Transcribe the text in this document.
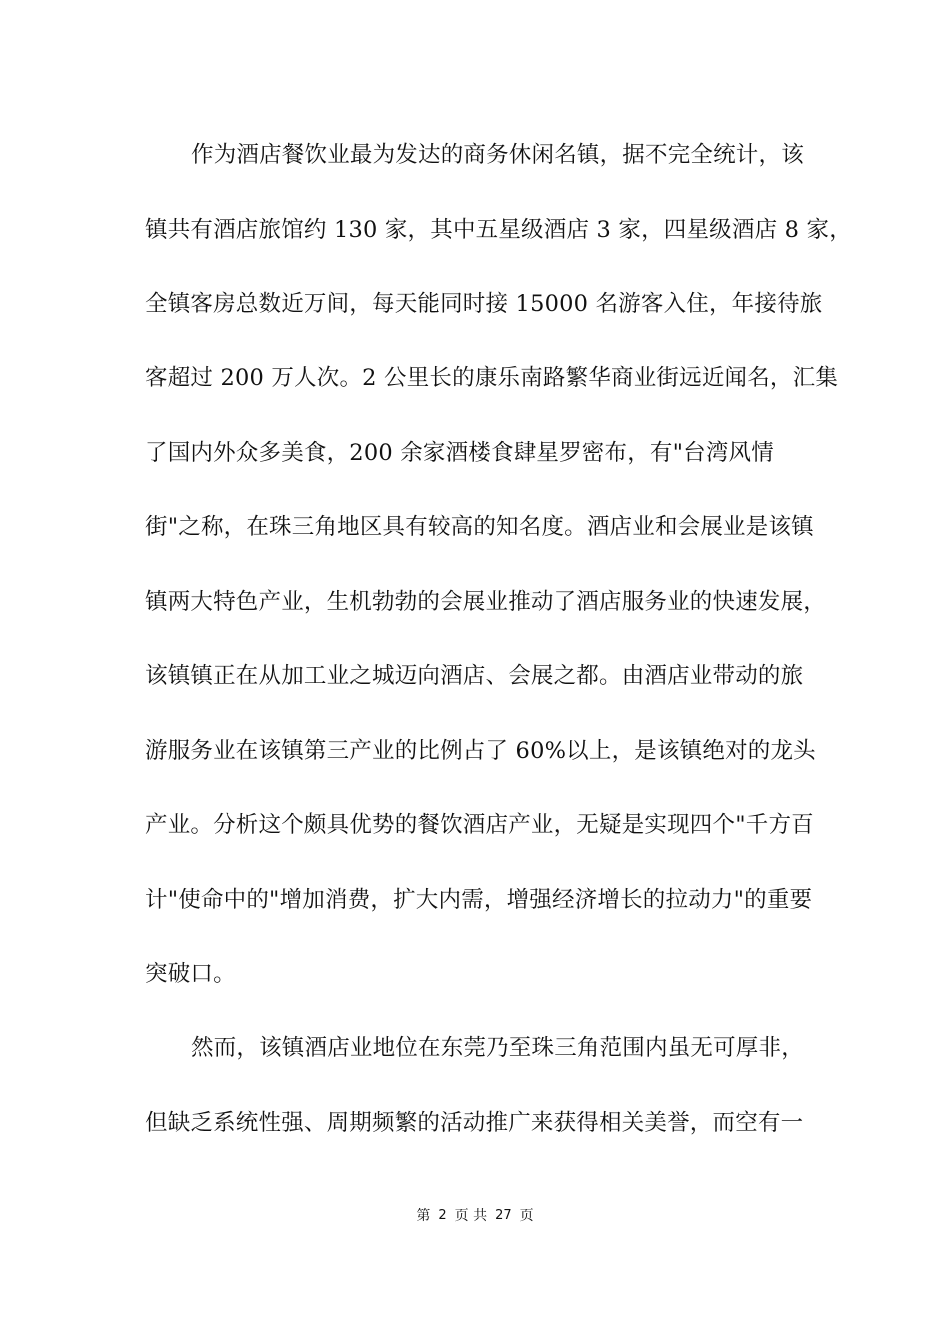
作为酒店餐饮业最为发达的商务休闲名镇，据不完全统计，该

镇共有酒店旅馆约 130 家，其中五星级酒店 3 家，四星级酒店 8 家，

全镇客房总数近万间，每天能同时接 15000 名游客入住，年接待旅

客超过 200 万人次。2 公里长的康乐南路繁华商业街远近闻名，汇集

了国内外众多美食，200 余家酒楼食肆星罗密布，有"台湾风情

街"之称，在珠三角地区具有较高的知名度。酒店业和会展业是该镇

镇两大特色产业，生机勃勃的会展业推动了酒店服务业的快速发展，

该镇镇正在从加工业之城迈向酒店、会展之都。由酒店业带动的旅

游服务业在该镇第三产业的比例占了 60%以上，是该镇绝对的龙头

产业。分析这个颇具优势的餐饮酒店产业，无疑是实现四个"千方百

计"使命中的"增加消费，扩大内需，增强经济增长的拉动力"的重要

突破口。

然而，该镇酒店业地位在东莞乃至珠三角范围内虽无可厚非，

但缺乏系统性强、周期频繁的活动推广来获得相关美誉，而空有一

第 2 页 共 27 页
